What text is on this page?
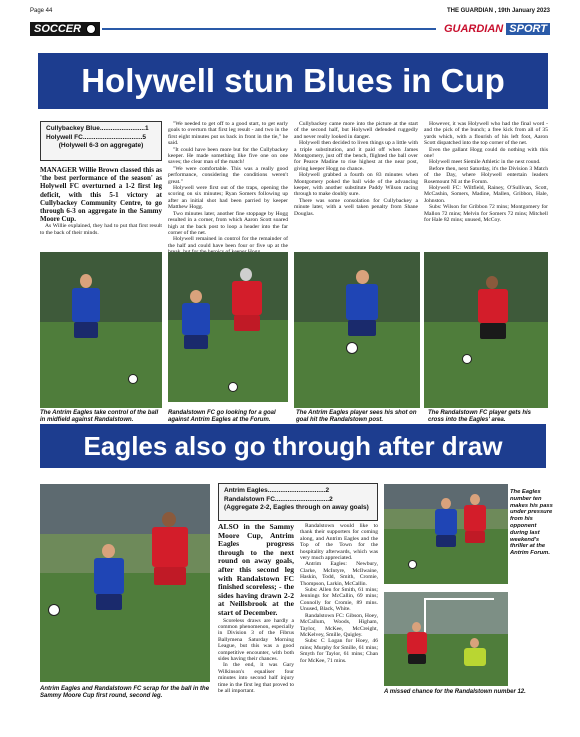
Page 44	THE GUARDIAN , 19th January 2023
SOCCER	GUARDIAN SPORT
Holywell stun Blues in Cup
Cullybackey Blue.........................1
Holywell FC.................................5
(Holywell 6-3 on aggregate)

MANAGER Willie Brown classed this as 'the best performance of the season' as Holywell FC overturned a 1-2 first leg deficit, with this 5-1 victory at Cullybackey Community Centre, to go through 6-3 on aggregate in the Sammy Moore Cup.

As Willie explained, they had to put that first result to the back of their minds.

"We needed to get off to a good start, to get early goals to overturn that first leg result - and two in the first eight minutes put us back in front in the tie," he said.

"It could have been more but for the Cullybackey keeper. He made something like five one on one saves; the clear man of the match!

"We were comfortable. This was a really good performance, considering the conditions weren't great."

Holywell were first out of the traps, opening the scoring on six minutes; Ryan Somers following up after an initial shot had been parried by keeper Matthew Hogg.

Two minutes later, another fine stoppage by Hogg resulted in a corner, from which Aaron Scott soared high at the back post to loop a header into the far corner of the net.

Holywell remained in control for the remainder of the half and could have been four or five up at the

Cullybackey came more into the picture at the start of the second half, but Holywell defended ruggedly and never really looked in danger.

Holywell then decided to liven things up a little with a triple substitution, and it paid off when James Montgomery, just off the bench, flighted the ball over for Pearce Madine to rise highest at the near post, giving keeper Hogg no chance.

Holywell grabbed a fourth on 83 minutes when Montgomery poked the ball wide of the advancing keeper, with another substitute Paddy Wilson racing through to make doubly sure.

There was some consolation for Cullybackey a minute later, with a well taken penalty from Shane Douglas.

However, it was Holywell who had the final word - and the pick of the bunch; a free kick from all of 35 yards which, with a flourish of his left foot, Aaron Scott dispatched into the top corner of the net.

Even the gallant Hogg could do nothing with this one!

Holywell meet Siemile Athletic in the next round.

Before then, next Saturday, it's the Division 3 Match of the Day, where Holywell entertain leaders Rosemount NI at the Forum.

Holywell FC: Wiltfield, Rainey, O'Sullivan, Scott, McCashin, Somers, Madine, Mallen, Gribbon, Hale, Johnston.

Subs: Wilson for Gribbon 72 mins; Montgomery for Mallon 72 mins; Melvin for Somers 72 mins; Mitchell for Hale 82 mins; unused, McCoy.

The Antrim Eagles take control of the ball in midfield against Randalstown.
Randalstown FC go looking for a goal against Antrim Eagles at the Forum.
The Antrim Eagles player sees his shot on goal hit the Randalstown post.
The Randalstown FC player gets his cross into the Eagles' area.
Eagles also go through after draw
Antrim Eagles................................2
Randalstown FC..............................2
(Aggregate 2-2, Eagles through on away goals)

ALSO in the Sammy Moore Cup, Antrim Eagles progress through to the next round on away goals, after this second leg with Randalstown FC finished scoreless; - the sides having drawn 2-2 at Neillsbrook at the start of December.

Scoreless draws are hardly a common phenomenon, especially in Division 3 of the Fibrus Ballymena Saturday Morning League, but this was a good competitive encounter, with both sides having their chances.

In the end, it was Gary Wilkinson's equaliser four minutes into second half injury time in the first leg that proved to be all important.

Randalstown would like to thank their supporters for coming along, and Antrim Eagles and the Top of the Town for the hospitality afterwards, which was very much appreciated.

Antrim Eagles: Newbury, Clarke, McIntyre, McIlwaine, Haskin, Todd, Smith, Cromie, Thompson, Larkin, McCallin.

Subs: Allen for Smith, 61 mins; Jennings for McCallin, 69 mins; Connolly for Cromie, 89 mins. Unused, Black, White.

Randalstown FC: Gibson, Hoey, McCallum, Woods, Higham, Taylor, McKee, McCreight, McKelvey, Smille, Quigley.

Subs: C Logan for Hoey, 46 mins; Murphy for Smille, 61 mins; Smyth for Taylor, 61 mins; Chan for McKee, 71 mins.

The Eagles number ten makes his pass under pressure from his opponent during last weekend's thriller at the Antrim Forum.
Antrim Eagles and Randalstown FC scrap for the ball in the Sammy Moore Cup first round, second leg.
A missed chance for the Randalstown number 12.
